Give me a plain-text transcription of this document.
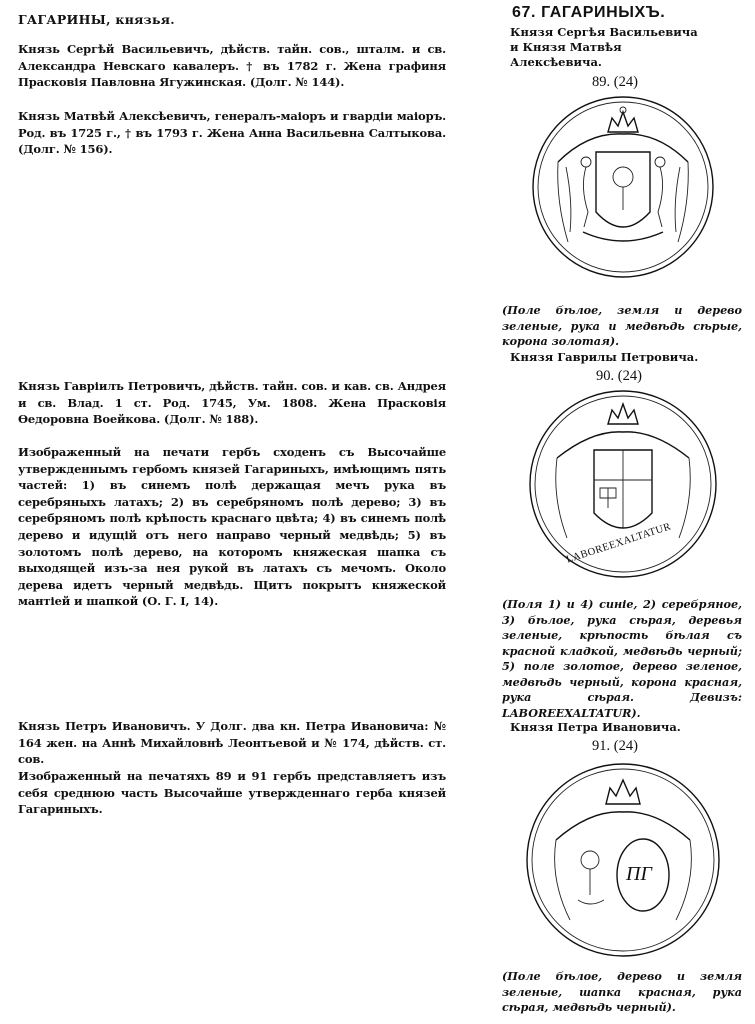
ГАГАРИНЫ, князья.
Князь Сергѣй Васильевичъ, дѣйств. тайн. сов., шталм. и св. Александра Невскаго кавалеръ. † въ 1782 г. Жена графиня Прасковія Павловна Ягужинская. (Долг. № 144).
Князь Матвѣй Алексѣевичъ, генералъ-маіоръ и гвардіи маіоръ. Род. въ 1725 г., † въ 1793 г. Жена Анна Васильевна Салтыкова. (Долг. № 156).
Князь Гавріилъ Петровичъ, дѣйств. тайн. сов. и кав. св. Андрея и св. Влад. 1 ст. Род. 1745, Ум. 1808. Жена Прасковія Ѳедоровна Воейкова. (Долг. № 188).
Изображенный на печати гербъ сходенъ съ Высочайше утвержденнымъ гербомъ князей Гагариныхъ, имѣющимъ пять частей: 1) въ синемъ полѣ держащая мечъ рука въ серебряныхъ латахъ; 2) въ серебряномъ полѣ дерево; 3) въ серебряномъ полѣ крѣпость краснаго цвѣта; 4) въ синемъ полѣ дерево и идущій отъ него направо черный медвѣдь; 5) въ золотомъ полѣ дерево, на которомъ княжеская шапка съ выходящей изъ-за нея рукой въ латахъ съ мечомъ. Около дерева идетъ черный медвѣдь. Щитъ покрытъ княжеской мантіей и шапкой (О. Г. I, 14).
Князь Петръ Ивановичъ. У Долг. два кн. Петра Ивановича: № 164 жен. на Аннѣ Михайловнѣ Леонтьевой и № 174, дѣйств. ст. сов.
Изображенный на печатяхъ 89 и 91 гербъ представляетъ изъ себя среднюю часть Высочайше утвержденнаго герба князей Гагариныхъ.
67. ГАГАРИНЫХЪ.
Князя Сергѣя Васильевича и Князя Матвѣя Алексѣевича.
89. (24)
(Поле бѣлое, земля и дерево зеленые, рука и медвѣдь сѣрые, корона золотая).
Князя Гаврилы Петровича.
90. (24)
LABOREEXALTATUR
(Поля 1) и 4) синіе, 2) серебряное, 3) бѣлое, рука сѣрая, деревья зеленые, крѣпость бѣлая съ красной кладкой, медвѣдь черный; 5) поле золотое, дерево зеленое, медвѣдь черный, корона красная, рука сѣрая. Девизъ: LABOREEXALTATUR).
Князя Петра Ивановича.
91. (24)
ПГ
(Поле бѣлое, дерево и земля зеленые, шапка красная, рука сѣрая, медвѣдь черный).
